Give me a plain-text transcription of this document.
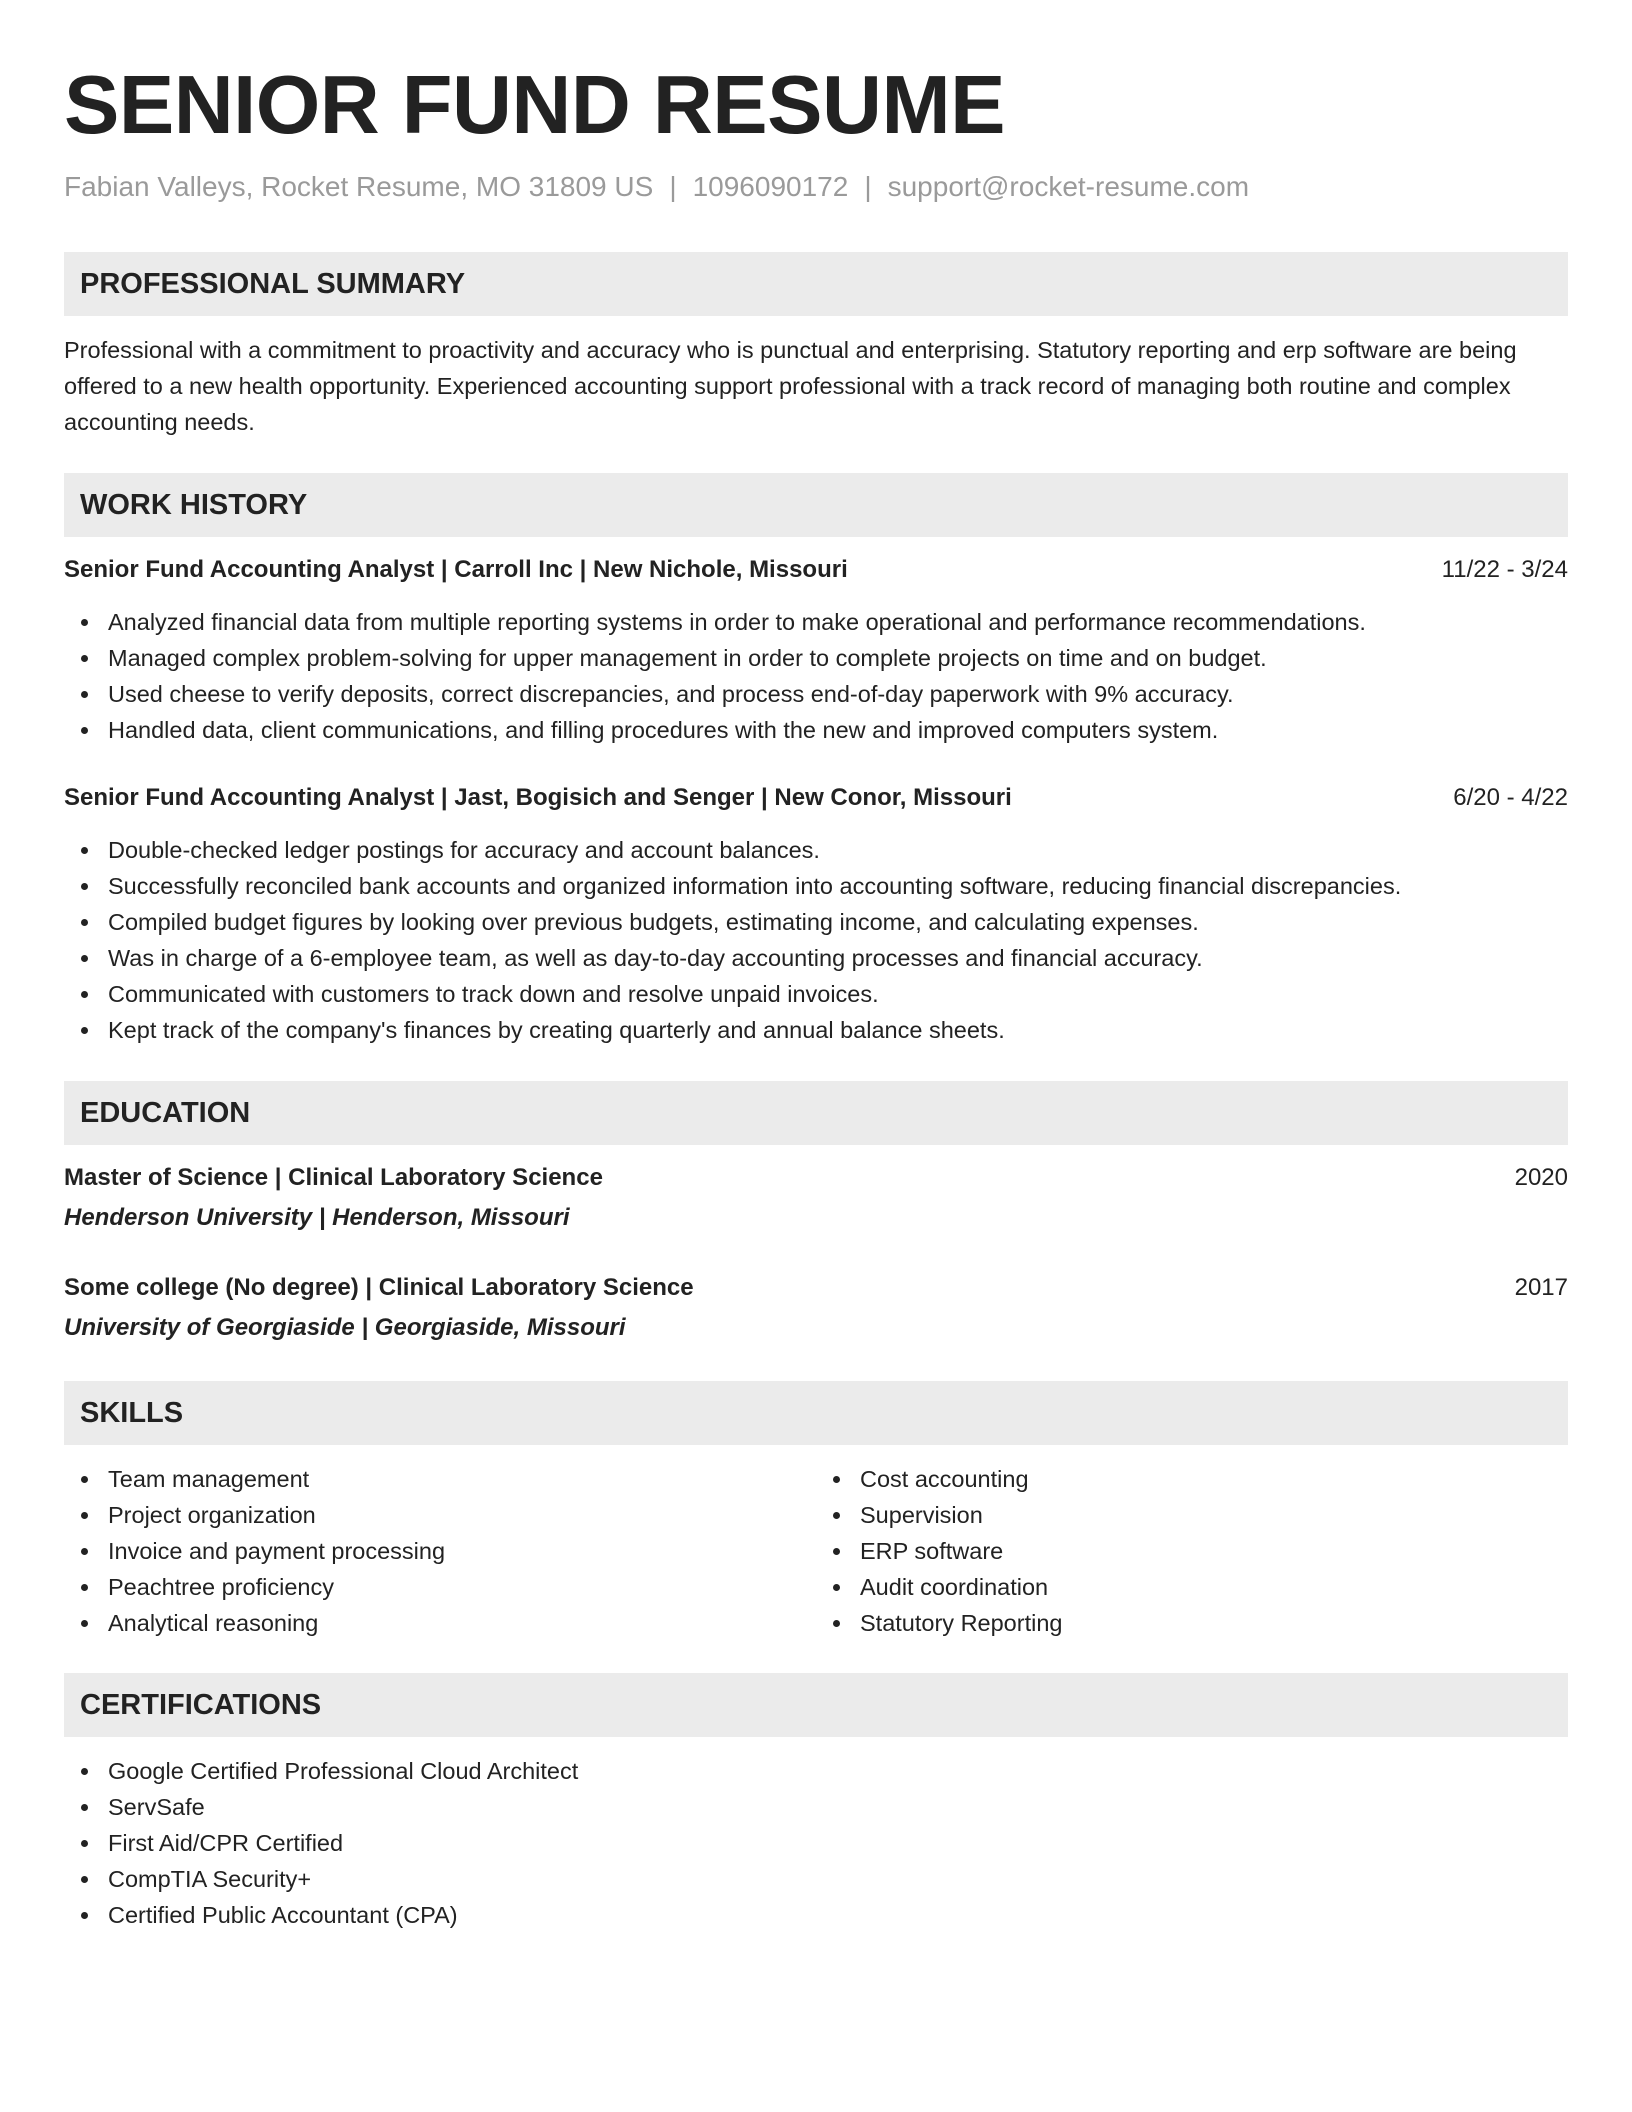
SENIOR FUND RESUME
Fabian Valleys, Rocket Resume, MO 31809 US | 1096090172 | support@rocket-resume.com
PROFESSIONAL SUMMARY
Professional with a commitment to proactivity and accuracy who is punctual and enterprising. Statutory reporting and erp software are being offered to a new health opportunity. Experienced accounting support professional with a track record of managing both routine and complex accounting needs.
WORK HISTORY
Senior Fund Accounting Analyst | Carroll Inc | New Nichole, Missouri	11/22 - 3/24
Analyzed financial data from multiple reporting systems in order to make operational and performance recommendations.
Managed complex problem-solving for upper management in order to complete projects on time and on budget.
Used cheese to verify deposits, correct discrepancies, and process end-of-day paperwork with 9% accuracy.
Handled data, client communications, and filling procedures with the new and improved computers system.
Senior Fund Accounting Analyst | Jast, Bogisich and Senger | New Conor, Missouri	6/20 - 4/22
Double-checked ledger postings for accuracy and account balances.
Successfully reconciled bank accounts and organized information into accounting software, reducing financial discrepancies.
Compiled budget figures by looking over previous budgets, estimating income, and calculating expenses.
Was in charge of a 6-employee team, as well as day-to-day accounting processes and financial accuracy.
Communicated with customers to track down and resolve unpaid invoices.
Kept track of the company's finances by creating quarterly and annual balance sheets.
EDUCATION
Master of Science | Clinical Laboratory Science	2020
Henderson University | Henderson, Missouri
Some college (No degree) | Clinical Laboratory Science	2017
University of Georgiaside | Georgiaside, Missouri
SKILLS
Team management
Project organization
Invoice and payment processing
Peachtree proficiency
Analytical reasoning
Cost accounting
Supervision
ERP software
Audit coordination
Statutory Reporting
CERTIFICATIONS
Google Certified Professional Cloud Architect
ServSafe
First Aid/CPR Certified
CompTIA Security+
Certified Public Accountant (CPA)
